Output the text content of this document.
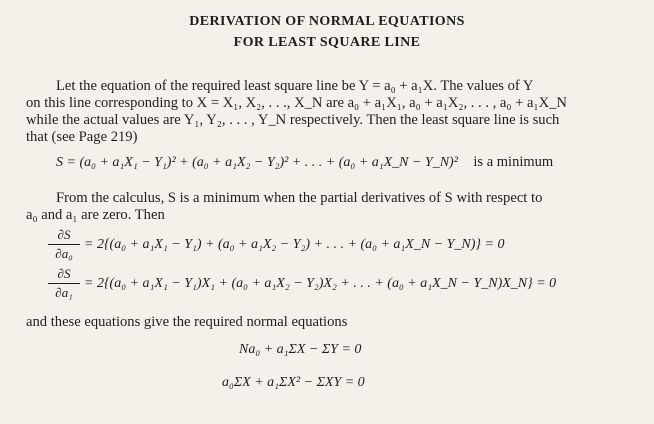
DERIVATION OF NORMAL EQUATIONS
FOR LEAST SQUARE LINE
Let the equation of the required least square line be Y = a₀ + a₁X. The values of Y
on this line corresponding to X = X₁, X₂, . . ., X_N are a₀ + a₁X₁, a₀ + a₁X₂, . . . , a₀ + a₁X_N
while the actual values are Y₁, Y₂, . . . , Y_N respectively. Then the least square line is such
that (see Page 219)
S = (a₀ + a₁X₁ − Y₁)² + (a₀ + a₁X₂ − Y₂)² + . . . + (a₀ + a₁X_N − Y_N)² is a minimum
From the calculus, S is a minimum when the partial derivatives of S with respect to
a₀ and a₁ are zero. Then
$\frac{\partial S}{\text{∂a₀}} = 2\{(a_0 + a_1X_1 - Y_1) + (a_0 + a_1X_2 - Y_2)$ + . . . + (a₀ + a₁X_N − Y_N)} = 0
$\frac{\partial S}{\text{∂a₁}} = 2\{(a_0 + a_1X_1 - Y_1)X_1 + (a_0 + a_1X_2 - Y_2)X_2$ + . . . + (a₀ + a₁X_N − Y_N)X_N} = 0
and these equations give the required normal equations
Na₀ + a₁ΣX − ΣY = 0
a₀ΣX + a₁ΣX² − ΣXY = 0
